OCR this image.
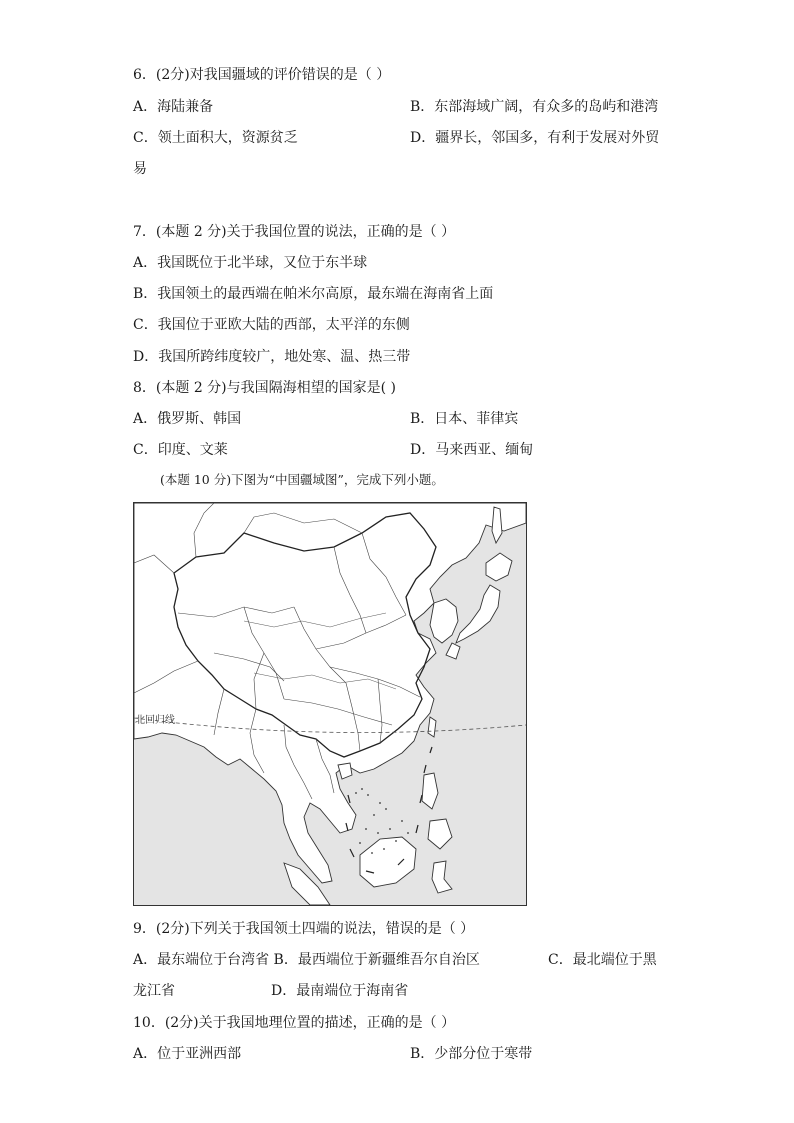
6．(2分)对我国疆域的评价错误的是（ ）
A．海陆兼备	B．东部海域广阔，有众多的岛屿和港湾
C．领土面积大，资源贫乏	D．疆界长，邻国多，有利于发展对外贸
易
7．(本题 2 分)关于我国位置的说法，正确的是（ ）
A．我国既位于北半球，又位于东半球
B．我国领土的最西端在帕米尔高原，最东端在海南省上面
C．我国位于亚欧大陆的西部，太平洋的东侧
D．我国所跨纬度较广，地处寒、温、热三带
8．(本题 2 分)与我国隔海相望的国家是( )
A．俄罗斯、韩国	B．日本、菲律宾
C．印度、文莱	D．马来西亚、缅甸
(本题 10 分)下图为“中国疆域图”，完成下列小题。
北回归线
9．(2分)下列关于我国领土四端的说法，错误的是（ ）
A．最东端位于台湾省 B．最西端位于新疆维吾尔自治区	C．最北端位于黑
龙江省	D．最南端位于海南省
10．(2分)关于我国地理位置的描述，正确的是（ ）
A．位于亚洲西部	B．少部分位于寒带
